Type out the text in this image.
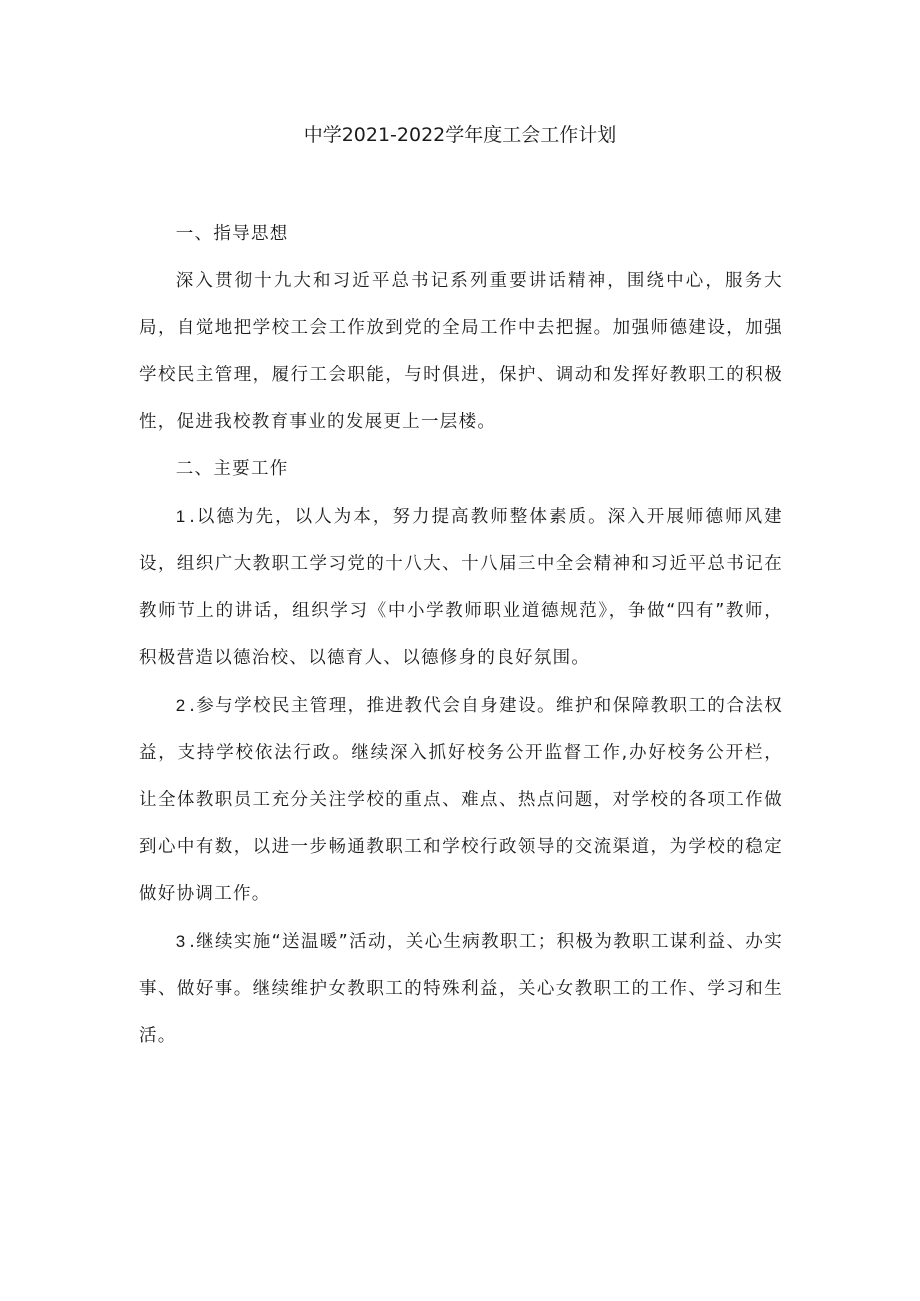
中学2021-2022学年度工会工作计划

一、指导思想

深入贯彻十九大和习近平总书记系列重要讲话精神，围绕中心，服务大局，自觉地把学校工会工作放到党的全局工作中去把握。加强师德建设，加强学校民主管理，履行工会职能，与时俱进，保护、调动和发挥好教职工的积极性，促进我校教育事业的发展更上一层楼。

二、主要工作

1 .以德为先，以人为本，努力提高教师整体素质。深入开展师德师风建设，组织广大教职工学习党的十八大、十八届三中全会精神和习近平总书记在教师节上的讲话，组织学习《中小学教师职业道德规范》，争做“四有”教师，积极营造以德治校、以德育人、以德修身的良好氛围。

2 .参与学校民主管理，推进教代会自身建设。维护和保障教职工的合法权益，支持学校依法行政。继续深入抓好校务公开监督工作,办好校务公开栏，让全体教职员工充分关注学校的重点、难点、热点问题，对学校的各项工作做到心中有数，以进一步畅通教职工和学校行政领导的交流渠道，为学校的稳定做好协调工作。

3 .继续实施“送温暖”活动，关心生病教职工；积极为教职工谋利益、办实事、做好事。继续维护女教职工的特殊利益，关心女教职工的工作、学习和生活。
